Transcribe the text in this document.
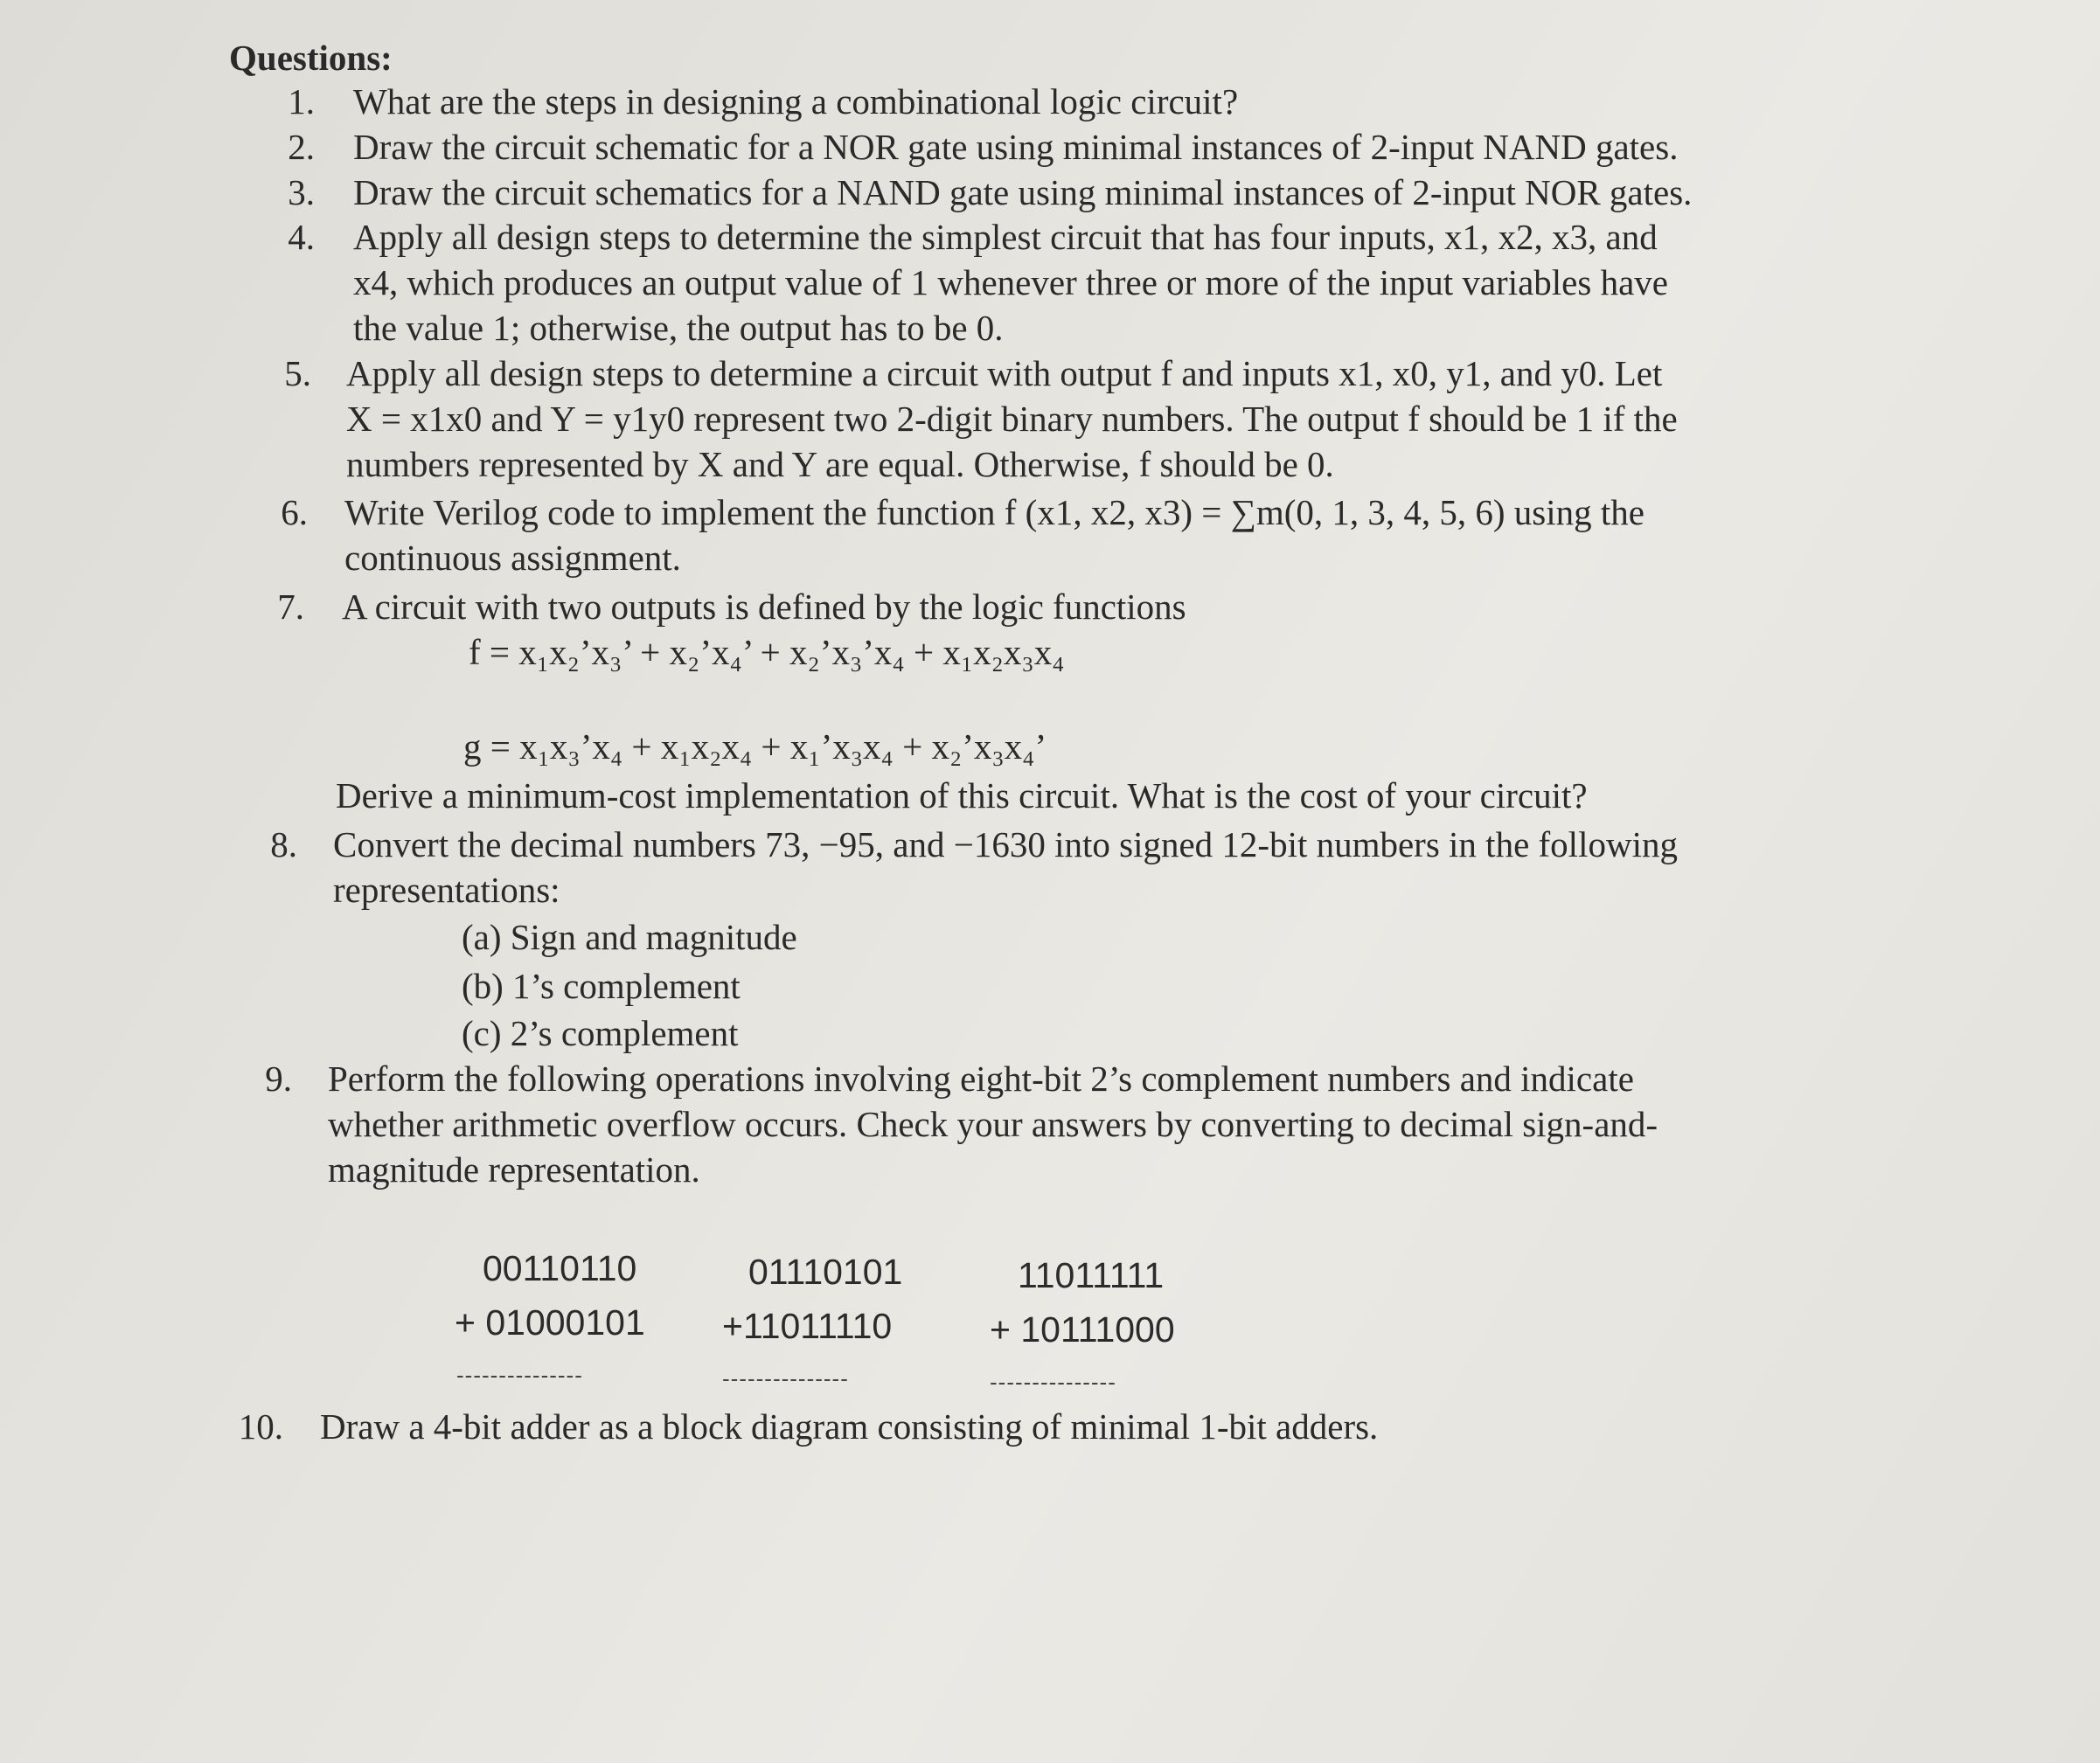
Questions:
1. What are the steps in designing a combinational logic circuit?
2. Draw the circuit schematic for a NOR gate using minimal instances of 2-input NAND gates.
3. Draw the circuit schematics for a NAND gate using minimal instances of 2-input NOR gates.
4. Apply all design steps to determine the simplest circuit that has four inputs, x1, x2, x3, and
x4, which produces an output value of 1 whenever three or more of the input variables have
the value 1; otherwise, the output has to be 0.
5. Apply all design steps to determine a circuit with output f and inputs x1, x0, y1, and y0. Let
X = x1x0 and Y = y1y0 represent two 2-digit binary numbers. The output f should be 1 if the
numbers represented by X and Y are equal. Otherwise, f should be 0.
6. Write Verilog code to implement the function f (x1, x2, x3) = ∑m(0, 1, 3, 4, 5, 6) using the
continuous assignment.
7. A circuit with two outputs is defined by the logic functions
f = x₁x₂’x₃’ + x₂’x₄’ + x₂’x₃’x₄ + x₁x₂x₃x₄
g = x₁x₃’x₄ + x₁x₂x₄ + x₁’x₃x₄ + x₂’x₃x₄’
Derive a minimum-cost implementation of this circuit. What is the cost of your circuit?
8. Convert the decimal numbers 73, −95, and −1630 into signed 12-bit numbers in the following
representations:
(a) Sign and magnitude
(b) 1’s complement
(c) 2’s complement
9. Perform the following operations involving eight-bit 2’s complement numbers and indicate
whether arithmetic overflow occurs. Check your answers by converting to decimal sign-and-
magnitude representation.
00110110
+ 01000101
---------------
01110101
+11011110
---------------
11011111
+ 10111000
---------------
10. Draw a 4-bit adder as a block diagram consisting of minimal 1-bit adders.
